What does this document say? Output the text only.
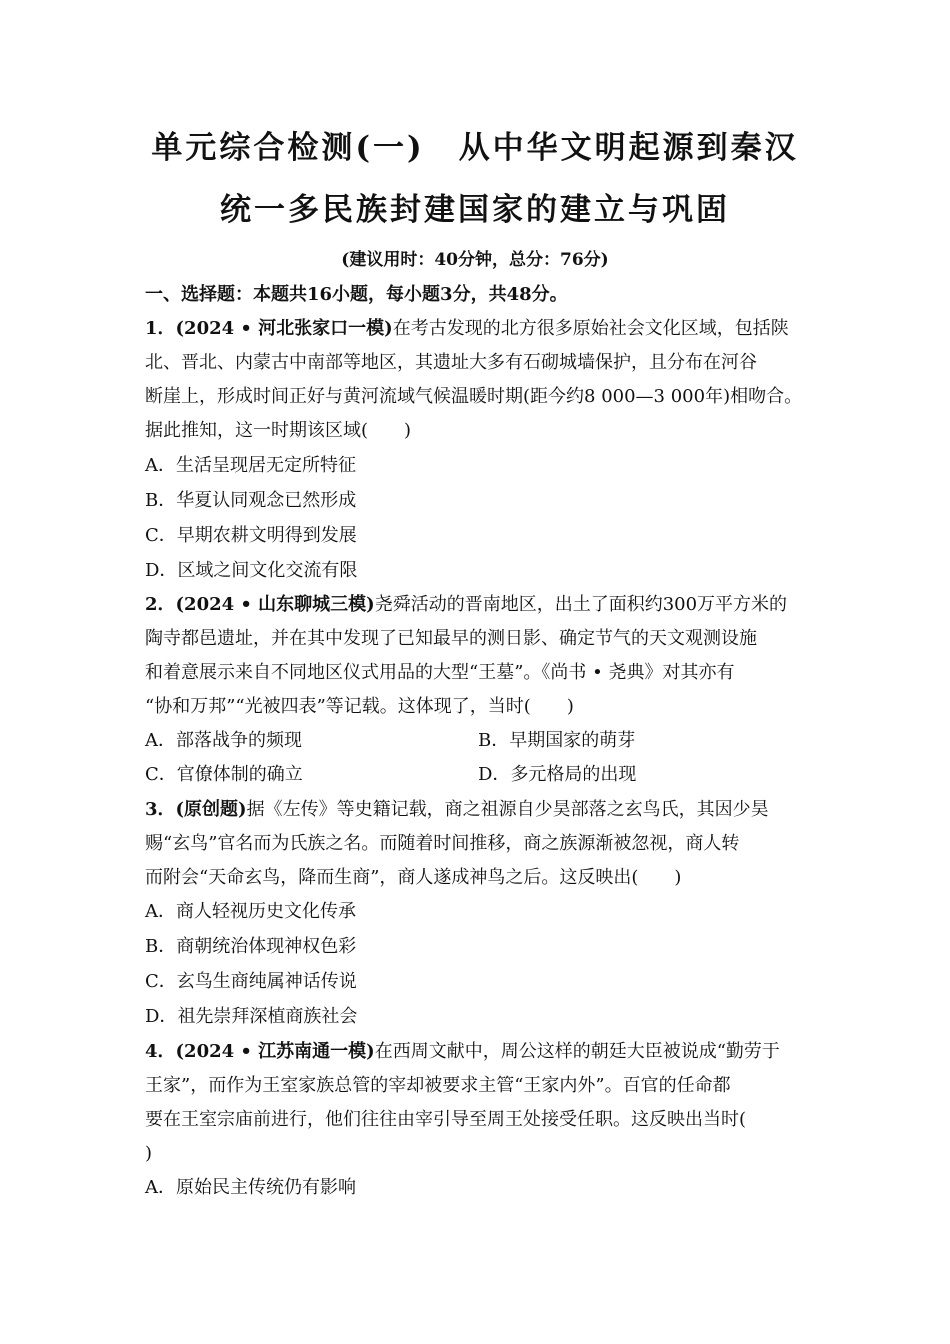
单元综合检测(一)　从中华文明起源到秦汉
统一多民族封建国家的建立与巩固
(建议用时：40分钟，总分：76分)
一、选择题：本题共16小题，每小题3分，共48分。
1．(2024 • 河北张家口一模)在考古发现的北方很多原始社会文化区域，包括陕
北、晋北、内蒙古中南部等地区，其遗址大多有石砌城墙保护，且分布在河谷
断崖上，形成时间正好与黄河流域气候温暖时期(距今约8 000—3 000年)相吻合。
据此推知，这一时期该区域(　　)
A．生活呈现居无定所特征
B．华夏认同观念已然形成
C．早期农耕文明得到发展
D．区域之间文化交流有限
2．(2024 • 山东聊城三模)尧舜活动的晋南地区，出土了面积约300万平方米的
陶寺都邑遗址，并在其中发现了已知最早的测日影、确定节气的天文观测设施
和着意展示来自不同地区仪式用品的大型“王墓”。《尚书 • 尧典》对其亦有
“协和万邦”“光被四表”等记载。这体现了，当时(　　)
A．部落战争的频现	B．早期国家的萌芽
C．官僚体制的确立	D．多元格局的出现
3．(原创题)据《左传》等史籍记载，商之祖源自少昊部落之玄鸟氏，其因少昊
赐“玄鸟”官名而为氏族之名。而随着时间推移，商之族源渐被忽视，商人转
而附会“天命玄鸟，降而生商”，商人遂成神鸟之后。这反映出(　　)
A．商人轻视历史文化传承
B．商朝统治体现神权色彩
C．玄鸟生商纯属神话传说
D．祖先崇拜深植商族社会
4．(2024 • 江苏南通一模)在西周文献中，周公这样的朝廷大臣被说成“勤劳于
王家”，而作为王室家族总管的宰却被要求主管“王家内外”。百官的任命都
要在王室宗庙前进行，他们往往由宰引导至周王处接受任职。这反映出当时(
)
A．原始民主传统仍有影响
